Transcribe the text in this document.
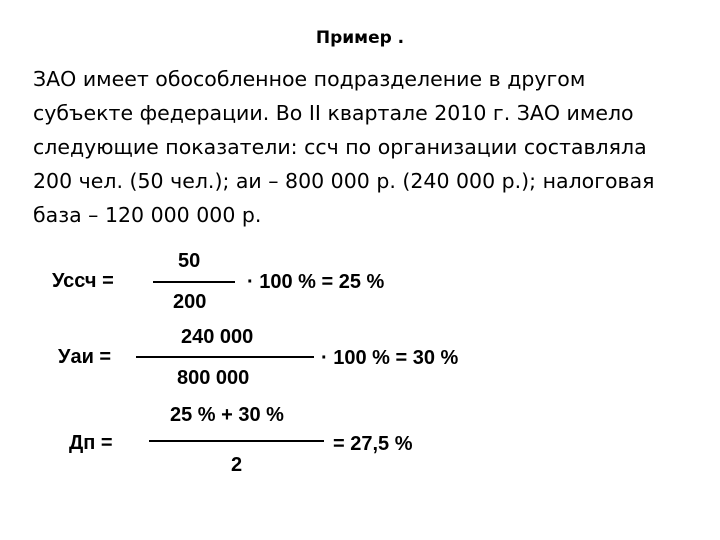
Пример .
ЗАО имеет обособленное подразделение в другом
субъекте федерации. Во II квартале 2010 г. ЗАО имело
следующие показатели: ссч по организации составляла
200 чел. (50 чел.); аи – 800 000 р. (240 000 р.); налоговая
база – 120 000 000 р.
Уссч =
50
200
· 100 % = 25 %
Уаи =
240 000
800 000
· 100 % = 30 %
Дп =
25 % + 30 %
2
= 27,5 %
